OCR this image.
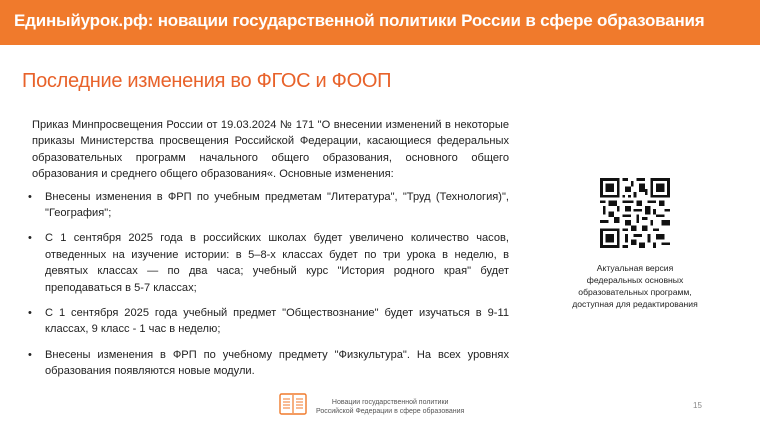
Единыйурок.рф: новации государственной политики России в сфере образования
Последние изменения во ФГОС и ФООП

Приказ Минпросвещения России от 19.03.2024 № 171 "О внесении изменений в некоторые приказы Министерства просвещения Российской Федерации, касающиеся федеральных образовательных программ начального общего образования, основного общего образования и среднего общего образования«. Основные изменения:

• Внесены изменения в ФРП по учебным предметам "Литература", "Труд (Технология)", "География";
• С 1 сентября 2025 года в российских школах будет увеличено количество часов, отведенных на изучение истории: в 5–8-х классах будет по три урока в неделю, в девятых классах — по два часа; учебный курс "История родного края" будет преподаваться в 5-7 классах;
• С 1 сентября 2025 года учебный предмет "Обществознание" будет изучаться в 9-11 классах, 9 класс - 1 час в неделю;
• Внесены изменения в ФРП по учебному предмету "Физкультура". На всех уровнях образования появляются новые модули.
Актуальная версия федеральных основных образовательных программ, доступная для редактирования
Новации государственной политики
Российской Федерации в сфере образования
15
